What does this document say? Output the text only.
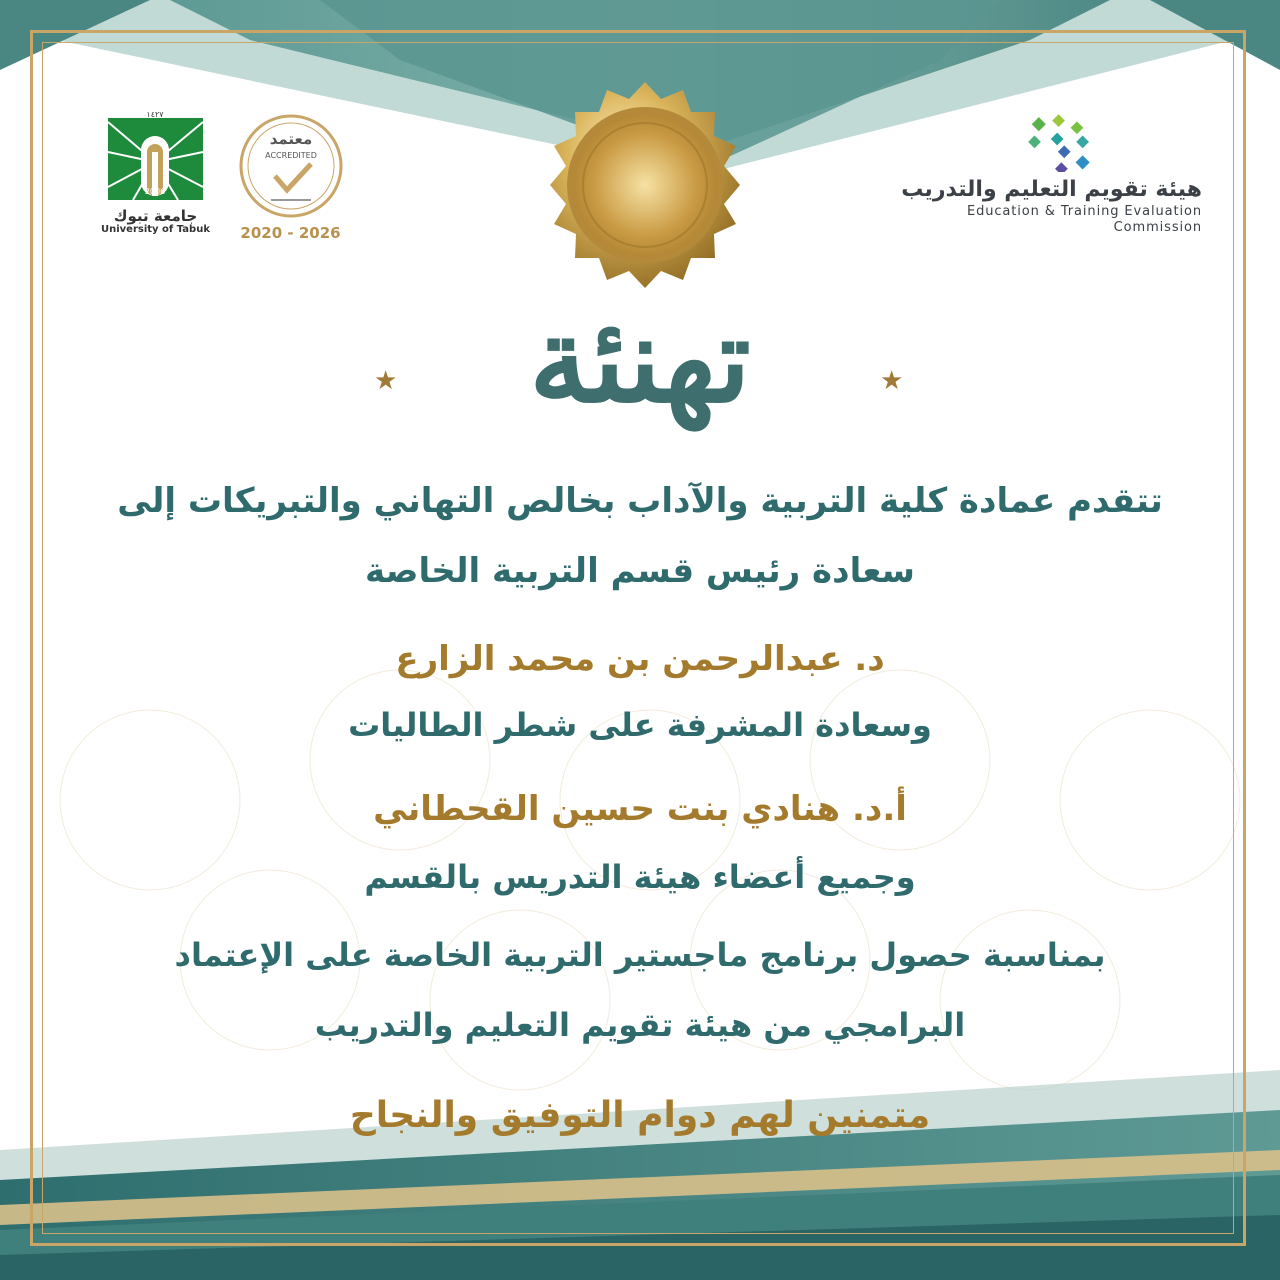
١٤٢٧
2006
جامعة تبوك
University of Tabuk
معتمد
ACCREDITED
2020 - 2026
هيئة تقويم التعليم والتدريب
Education & Training Evaluation Commission
★	★
تهنئة
تتقدم عمادة كلية التربية والآداب بخالص التهاني والتبريكات إلى
سعادة رئيس قسم التربية الخاصة
د. عبدالرحمن بن محمد الزارع
وسعادة المشرفة على شطر الطاليات
أ.د. هنادي بنت حسين القحطاني
وجميع أعضاء هيئة التدريس بالقسم
بمناسبة حصول برنامج ماجستير التربية الخاصة على الإعتماد
البرامجي من هيئة تقويم التعليم والتدريب
متمنين لهم دوام التوفيق والنجاح
